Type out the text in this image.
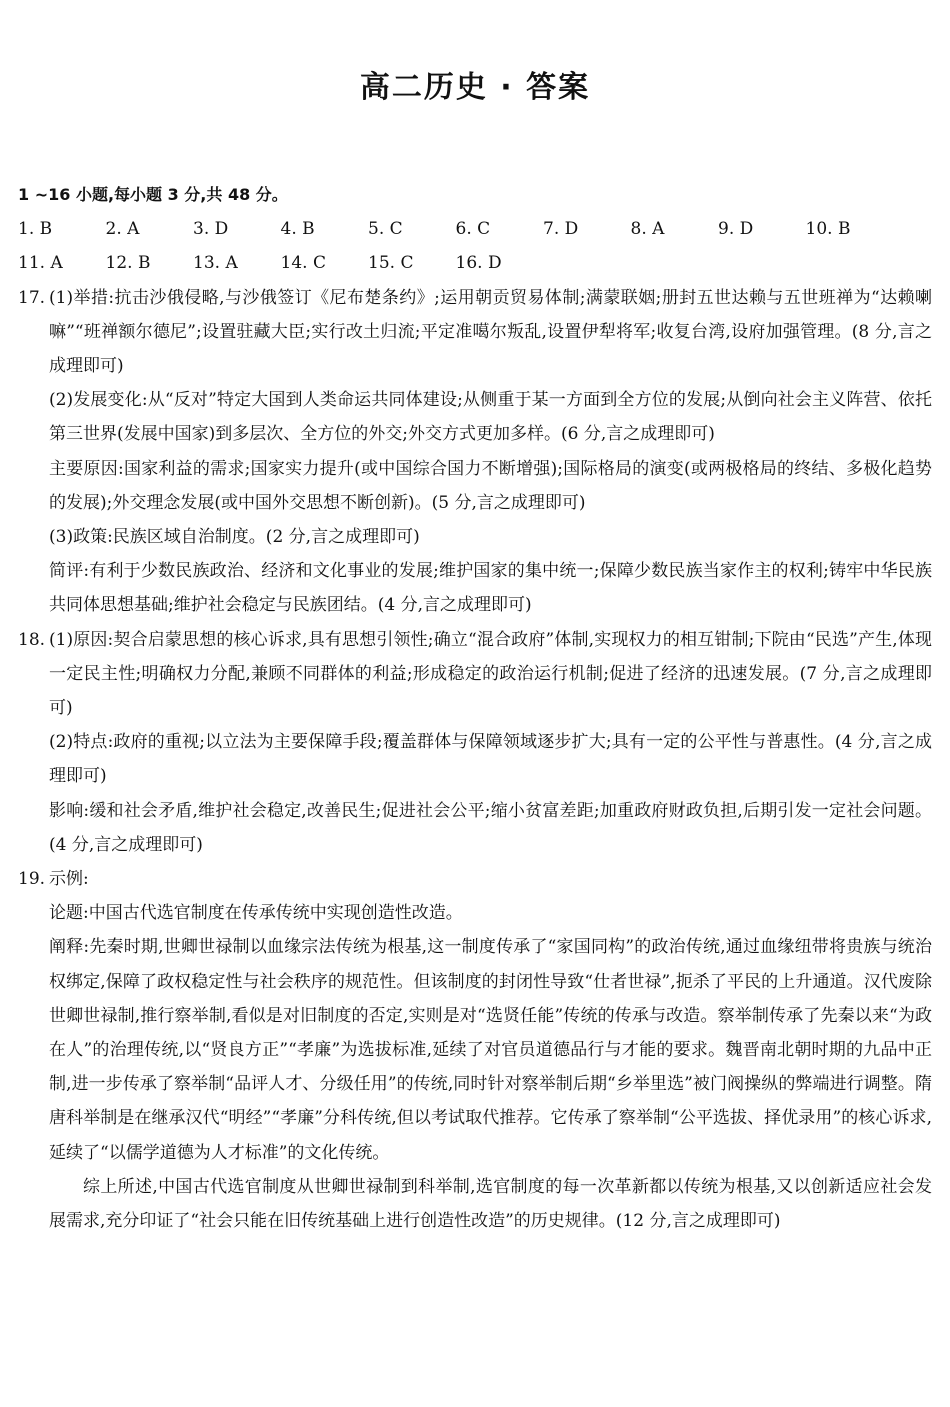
高二历史 · 答案
1 ~16 小题,每小题 3 分,共 48 分。
1. B	2. A	3. D	4. B	5. C	6. C	7. D	8. A	9. D	10. B
11. A	12. B	13. A	14. C	15. C	16. D
17. (1)举措:抗击沙俄侵略,与沙俄签订《尼布楚条约》;运用朝贡贸易体制;满蒙联姻;册封五世达赖与五世班禅为“达赖喇嘛”“班禅额尔德尼”;设置驻藏大臣;实行改土归流;平定准噶尔叛乱,设置伊犁将军;收复台湾,设府加强管理。(8 分,言之成理即可)
(2)发展变化:从“反对”特定大国到人类命运共同体建设;从侧重于某一方面到全方位的发展;从倒向社会主义阵营、依托第三世界(发展中国家)到多层次、全方位的外交;外交方式更加多样。(6 分,言之成理即可)
主要原因:国家利益的需求;国家实力提升(或中国综合国力不断增强);国际格局的演变(或两极格局的终结、多极化趋势的发展);外交理念发展(或中国外交思想不断创新)。(5 分,言之成理即可)
(3)政策:民族区域自治制度。(2 分,言之成理即可)
简评:有利于少数民族政治、经济和文化事业的发展;维护国家的集中统一;保障少数民族当家作主的权利;铸牢中华民族共同体思想基础;维护社会稳定与民族团结。(4 分,言之成理即可)
18. (1)原因:契合启蒙思想的核心诉求,具有思想引领性;确立“混合政府”体制,实现权力的相互钳制;下院由“民选”产生,体现一定民主性;明确权力分配,兼顾不同群体的利益;形成稳定的政治运行机制;促进了经济的迅速发展。(7 分,言之成理即可)
(2)特点:政府的重视;以立法为主要保障手段;覆盖群体与保障领域逐步扩大;具有一定的公平性与普惠性。(4 分,言之成理即可)
影响:缓和社会矛盾,维护社会稳定,改善民生;促进社会公平;缩小贫富差距;加重政府财政负担,后期引发一定社会问题。(4 分,言之成理即可)
19. 示例:
论题:中国古代选官制度在传承传统中实现创造性改造。
阐释:先秦时期,世卿世禄制以血缘宗法传统为根基,这一制度传承了“家国同构”的政治传统,通过血缘纽带将贵族与统治权绑定,保障了政权稳定性与社会秩序的规范性。但该制度的封闭性导致“仕者世禄”,扼杀了平民的上升通道。汉代废除世卿世禄制,推行察举制,看似是对旧制度的否定,实则是对“选贤任能”传统的传承与改造。察举制传承了先秦以来“为政在人”的治理传统,以“贤良方正”“孝廉”为选拔标准,延续了对官员道德品行与才能的要求。魏晋南北朝时期的九品中正制,进一步传承了察举制“品评人才、分级任用”的传统,同时针对察举制后期“乡举里选”被门阀操纵的弊端进行调整。隋唐科举制是在继承汉代“明经”“孝廉”分科传统,但以考试取代推荐。它传承了察举制“公平选拔、择优录用”的核心诉求,延续了“以儒学道德为人才标准”的文化传统。
综上所述,中国古代选官制度从世卿世禄制到科举制,选官制度的每一次革新都以传统为根基,又以创新适应社会发展需求,充分印证了“社会只能在旧传统基础上进行创造性改造”的历史规律。(12 分,言之成理即可)
